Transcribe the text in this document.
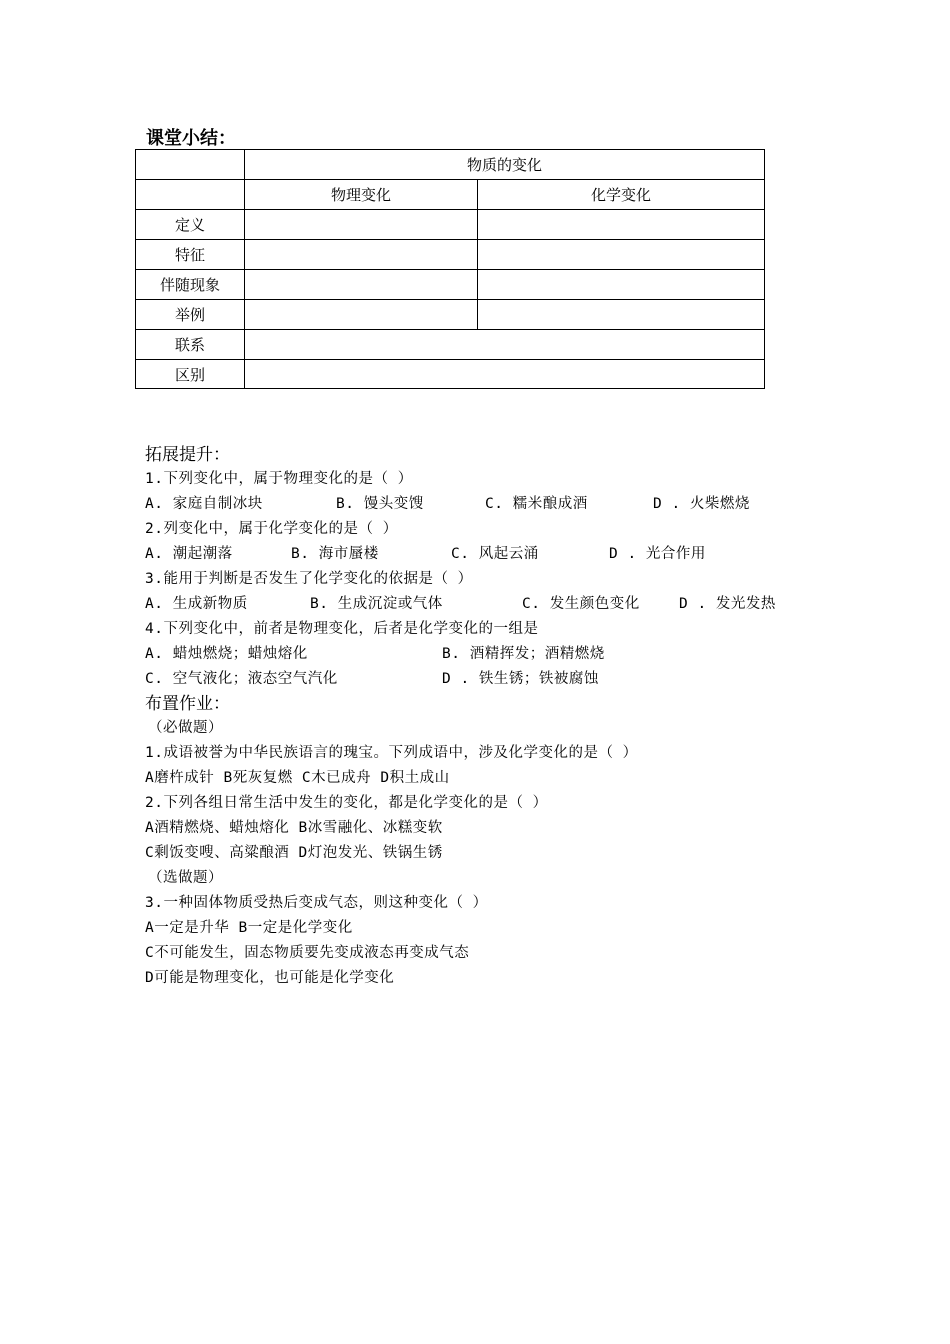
课堂小结：
	物质的变化	
	物理变化	化学变化
定义		
特征		
伴随现象		
举例		
联系		
区别		
拓展提升：
1.下列变化中，属于物理变化的是（ ）
A. 家庭自制冰块	B. 馒头变馊	C. 糯米酿成酒	D . 火柴燃烧
2.列变化中，属于化学变化的是（ ）
A. 潮起潮落	B. 海市蜃楼	C. 风起云涌	D . 光合作用
3.能用于判断是否发生了化学变化的依据是（ ）
A. 生成新物质	B. 生成沉淀或气体	C. 发生颜色变化	D . 发光发热
4.下列变化中，前者是物理变化，后者是化学变化的一组是
A. 蜡烛燃烧；蜡烛熔化	B. 酒精挥发；酒精燃烧
C. 空气液化；液态空气汽化	D . 铁生锈；铁被腐蚀
布置作业：
（必做题）
1.成语被誉为中华民族语言的瑰宝。下列成语中，涉及化学变化的是（ ）
A磨杵成针 B死灰复燃 C木已成舟 D积土成山
2.下列各组日常生活中发生的变化，都是化学变化的是（ ）
A酒精燃烧、蜡烛熔化 B冰雪融化、冰糕变软
C剩饭变嗖、高粱酿酒 D灯泡发光、铁锅生锈
（选做题）
3.一种固体物质受热后变成气态，则这种变化（ ）
A一定是升华 B一定是化学变化
C不可能发生，固态物质要先变成液态再变成气态
D可能是物理变化，也可能是化学变化
